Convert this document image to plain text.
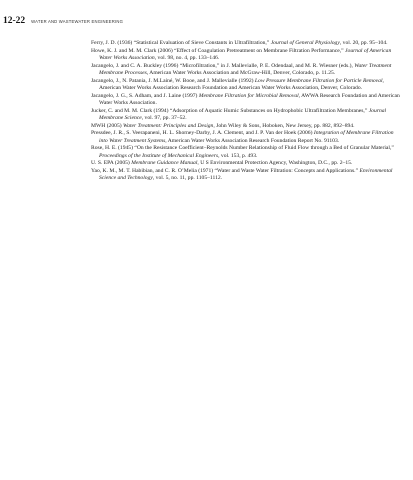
12-22 WATER AND WASTEWATER ENGINEERING

Ferry, J. D. (1936) “Statistical Evaluation of Sieve Constants in Ultrafiltration,” Journal of General Physiology, vol. 20, pp. 95–104.

Howe, K. J. and M. M. Clark (2006) “Effect of Coagulation Pretreatment on Membrane Filtration Performance,” Journal of American Water Works Association, vol. 98, no. 4, pp. 133–146.

Jacangelo, J. and C. A. Buckley (1996) “Microfiltration,” in J. Mallevialle, P. E. Odendaal, and M. R. Wiesner (eds.), Water Treatment Membrane Processes, American Water Works Association and McGraw-Hill, Denver, Colorado, p. 11.25.

Jacangelo, J., N. Patania, J. M.Lainé, W. Booe, and J. Mallevialle (1992) Low Pressure Membrane Filtration for Particle Removal, American Water Works Association Research Foundation and American Water Works Association, Denver, Colorado.

Jacangelo, J. G., S. Adham, and J. Laine (1997) Membrane Filtration for Microbial Removal, AWWA Research Foundation and American Water Works Association.

Jucker, C. and M. M. Clark (1994) “Adsorption of Aquatic Humic Substances on Hydrophobic Ultrafiltration Membranes,” Journal Membrane Science, vol. 97, pp. 37–52.

MWH (2005) Water Treatment: Principles and Design, John Wiley & Sons, Hoboken, New Jersey, pp. 882, 892–894.

Pressdee, J. R., S. Veerapaneni, H. L. Shorney-Darby, J. A. Clement, and J. P. Van der Hoek (2006) Integration of Membrane Filtration into Water Treatment Systems, American Water Works Association Research Foundation Report No. 91103.

Rose, H. E. (1945) “On the Resistance Coefficient–Reynolds Number Relationship of Fluid Flow through a Bed of Granular Material,” Proceedings of the Institute of Mechanical Engineers, vol. 153, p. 493.

U. S. EPA (2005) Membrane Guidance Manual, U S Environmental Protection Agency, Washington, D.C., pp. 2–15.

Yao, K. M., M. T. Habibian, and C. R. O’Melia (1971) “Water and Waste Water Filtration: Concepts and Applications.” Environmental Science and Technology, vol. 5, no. 11, pp. 1105–1112.
